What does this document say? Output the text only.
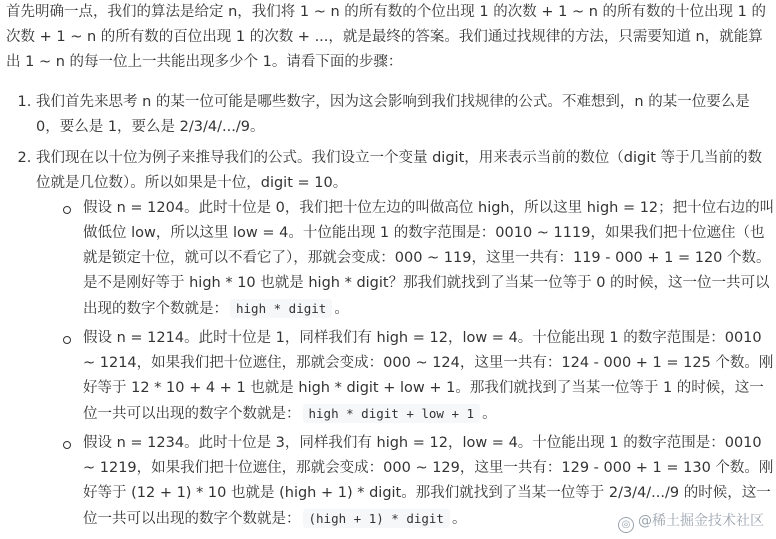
首先明确一点，我们的算法是给定 n，我们将 1 ~ n 的所有数的个位出现 1 的次数 + 1 ~ n 的所有数的十位出现 1 的次数 + 1 ~ n 的所有数的百位出现 1 的次数 + ...，就是最终的答案。我们通过找规律的方法，只需要知道 n，就能算出 1 ~ n 的每一位上一共能出现多少个 1。请看下面的步骤：

1. 我们首先来思考 n 的某一位可能是哪些数字，因为这会影响到我们找规律的公式。不难想到，n 的某一位要么是 0，要么是 1，要么是 2/3/4/.../9。
2. 我们现在以十位为例子来推导我们的公式。我们设立一个变量 digit，用来表示当前的数位（digit 等于几当前的数位就是几位数）。所以如果是十位，digit = 10。
假设 n = 1204。此时十位是 0，我们把十位左边的叫做高位 high，所以这里 high = 12；把十位右边的叫做低位 low，所以这里 low = 4。十位能出现 1 的数字范围是：0010 ~ 1119，如果我们把十位遮住（也就是锁定十位，就可以不看它了），那就会变成：000 ~ 119，这里一共有：119 - 000 + 1 = 120 个数。是不是刚好等于 high * 10 也就是 high * digit？那我们就找到了当某一位等于 0 的时候，这一位一共可以出现的数字个数就是： high * digit 。
假设 n = 1214。此时十位是 1，同样我们有 high = 12，low = 4。十位能出现 1 的数字范围是：0010 ~ 1214，如果我们把十位遮住，那就会变成：000 ~ 124，这里一共有：124 - 000 + 1 = 125 个数。刚好等于 12 * 10 + 4 + 1 也就是 high * digit + low + 1。那我们就找到了当某一位等于 1 的时候，这一位一共可以出现的数字个数就是： high * digit + low + 1 。
假设 n = 1234。此时十位是 3，同样我们有 high = 12，low = 4。十位能出现 1 的数字范围是：0010 ~ 1219，如果我们把十位遮住，那就会变成：000 ~ 129，这里一共有：129 - 000 + 1 = 130 个数。刚好等于 (12 + 1) * 10 也就是 (high + 1) * digit。那我们就找到了当某一位等于 2/3/4/.../9 的时候，这一位一共可以出现的数字个数就是： (high + 1) * digit 。	◎ @稀土掘金技术社区
